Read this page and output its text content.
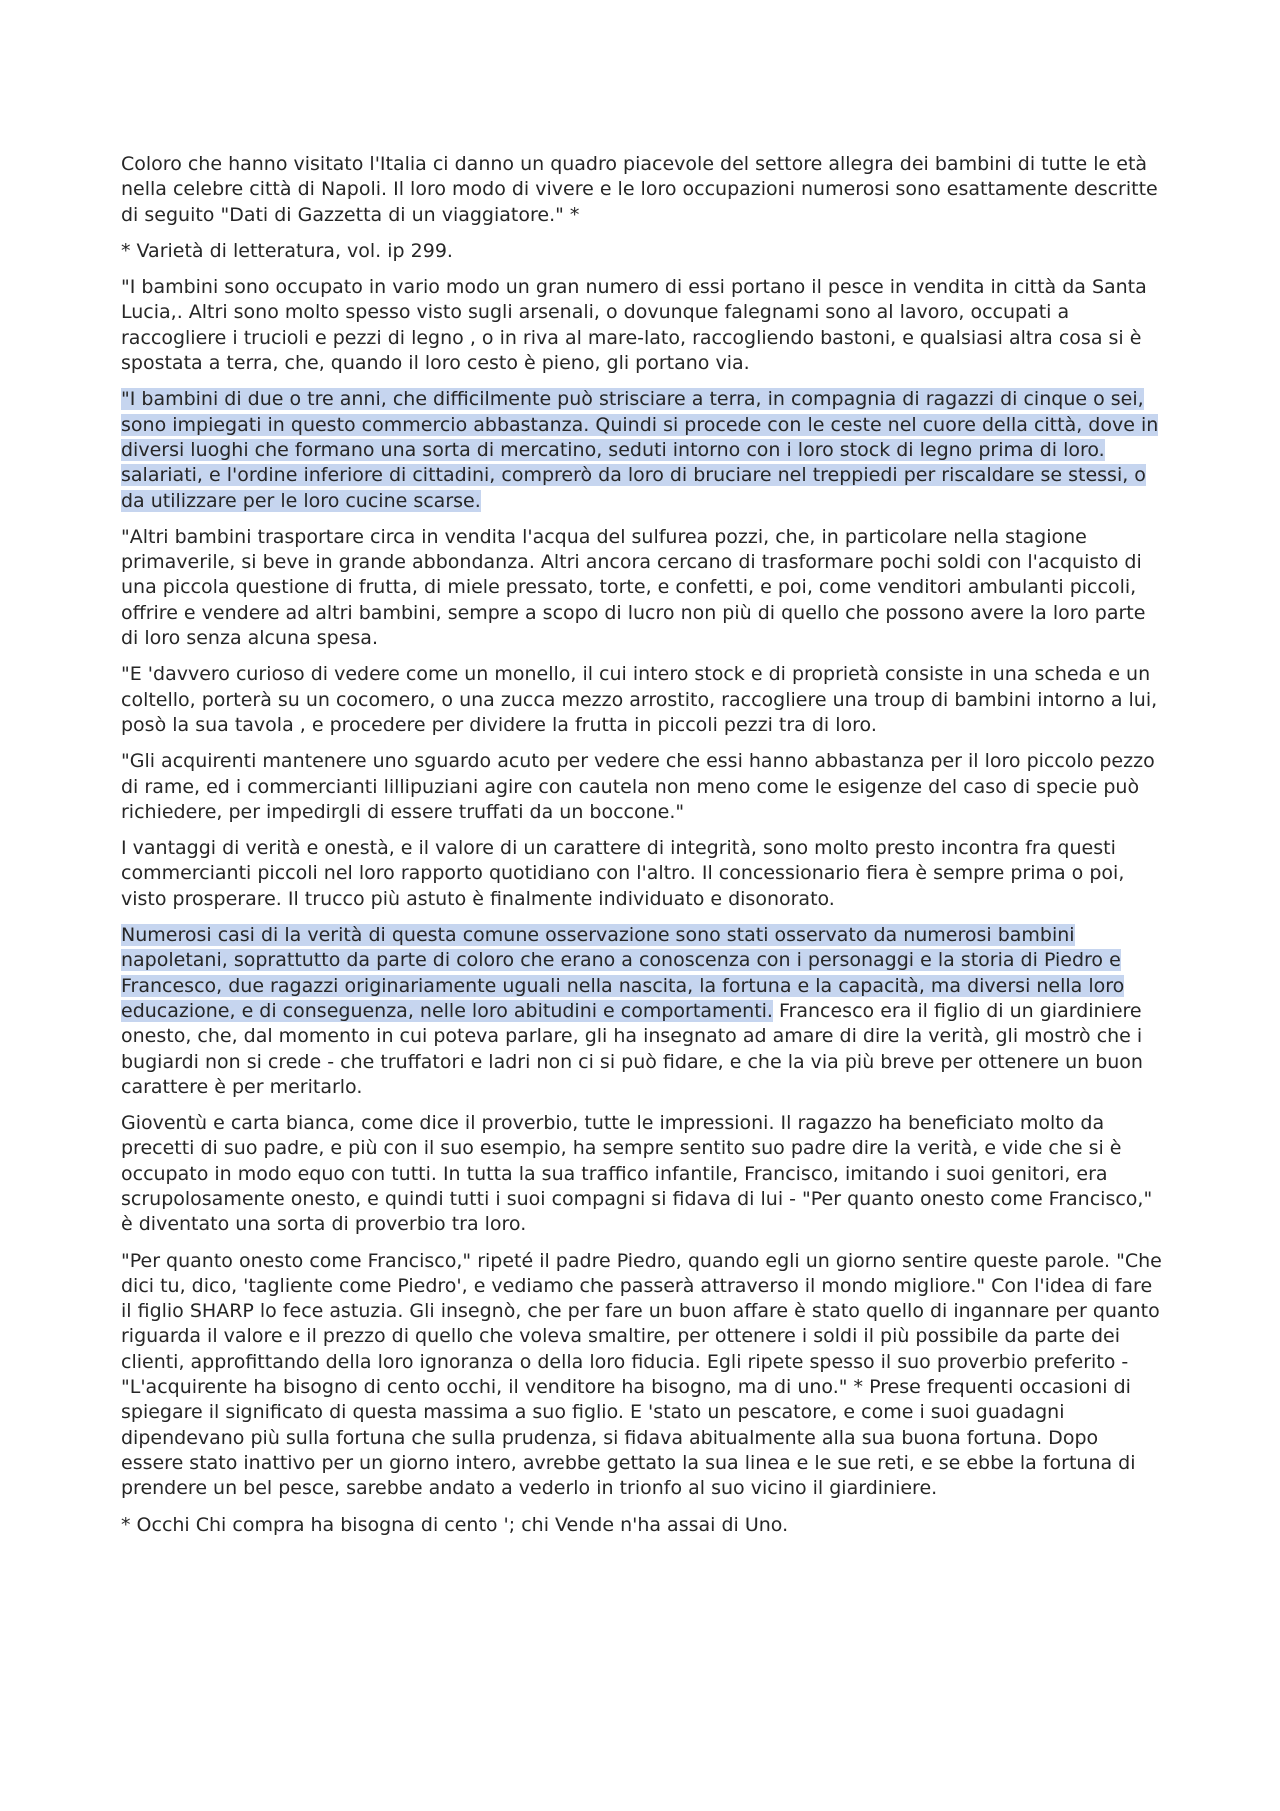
Coloro che hanno visitato l'Italia ci danno un quadro piacevole del settore allegra dei bambini di tutte le età nella celebre città di Napoli. Il loro modo di vivere e le loro occupazioni numerosi sono esattamente descritte di seguito "Dati di Gazzetta di un viaggiatore." *

* Varietà di letteratura, vol. ip 299.

"I bambini sono occupato in vario modo un gran numero di essi portano il pesce in vendita in città da Santa Lucia,. Altri sono molto spesso visto sugli arsenali, o dovunque falegnami sono al lavoro, occupati a raccogliere i trucioli e pezzi di legno , o in riva al mare-lato, raccogliendo bastoni, e qualsiasi altra cosa si è spostata a terra, che, quando il loro cesto è pieno, gli portano via.

"I bambini di due o tre anni, che difficilmente può strisciare a terra, in compagnia di ragazzi di cinque o sei, sono impiegati in questo commercio abbastanza. Quindi si procede con le ceste nel cuore della città, dove in diversi luoghi che formano una sorta di mercatino, seduti intorno con i loro stock di legno prima di loro. salariati, e l'ordine inferiore di cittadini, comprerò da loro di bruciare nel treppiedi per riscaldare se stessi, o da utilizzare per le loro cucine scarse.

"Altri bambini trasportare circa in vendita l'acqua del sulfurea pozzi, che, in particolare nella stagione primaverile, si beve in grande abbondanza. Altri ancora cercano di trasformare pochi soldi con l'acquisto di una piccola questione di frutta, di miele pressato, torte, e confetti, e poi, come venditori ambulanti piccoli, offrire e vendere ad altri bambini, sempre a scopo di lucro non più di quello che possono avere la loro parte di loro senza alcuna spesa.

"E 'davvero curioso di vedere come un monello, il cui intero stock e di proprietà consiste in una scheda e un coltello, porterà su un cocomero, o una zucca mezzo arrostito, raccogliere una troup di bambini intorno a lui, posò la sua tavola , e procedere per dividere la frutta in piccoli pezzi tra di loro.

"Gli acquirenti mantenere uno sguardo acuto per vedere che essi hanno abbastanza per il loro piccolo pezzo di rame, ed i commercianti lillipuziani agire con cautela non meno come le esigenze del caso di specie può richiedere, per impedirgli di essere truffati da un boccone."

I vantaggi di verità e onestà, e il valore di un carattere di integrità, sono molto presto incontra fra questi commercianti piccoli nel loro rapporto quotidiano con l'altro. Il concessionario fiera è sempre prima o poi, visto prosperare. Il trucco più astuto è finalmente individuato e disonorato.

Numerosi casi di la verità di questa comune osservazione sono stati osservato da numerosi bambini napoletani, soprattutto da parte di coloro che erano a conoscenza con i personaggi e la storia di Piedro e Francesco, due ragazzi originariamente uguali nella nascita, la fortuna e la capacità, ma diversi nella loro educazione, e di conseguenza, nelle loro abitudini e comportamenti. Francesco era il figlio di un giardiniere onesto, che, dal momento in cui poteva parlare, gli ha insegnato ad amare di dire la verità, gli mostrò che i bugiardi non si crede - che truffatori e ladri non ci si può fidare, e che la via più breve per ottenere un buon carattere è per meritarlo.

Gioventù e carta bianca, come dice il proverbio, tutte le impressioni. Il ragazzo ha beneficiato molto da precetti di suo padre, e più con il suo esempio, ha sempre sentito suo padre dire la verità, e vide che si è occupato in modo equo con tutti. In tutta la sua traffico infantile, Francisco, imitando i suoi genitori, era scrupolosamente onesto, e quindi tutti i suoi compagni si fidava di lui - "Per quanto onesto come Francisco," è diventato una sorta di proverbio tra loro.

"Per quanto onesto come Francisco," ripeté il padre Piedro, quando egli un giorno sentire queste parole. "Che dici tu, dico, 'tagliente come Piedro', e vediamo che passerà attraverso il mondo migliore." Con l'idea di fare il figlio SHARP lo fece astuzia. Gli insegnò, che per fare un buon affare è stato quello di ingannare per quanto riguarda il valore e il prezzo di quello che voleva smaltire, per ottenere i soldi il più possibile da parte dei clienti, approfittando della loro ignoranza o della loro fiducia. Egli ripete spesso il suo proverbio preferito - "L'acquirente ha bisogno di cento occhi, il venditore ha bisogno, ma di uno." * Prese frequenti occasioni di spiegare il significato di questa massima a suo figlio. E 'stato un pescatore, e come i suoi guadagni dipendevano più sulla fortuna che sulla prudenza, si fidava abitualmente alla sua buona fortuna. Dopo essere stato inattivo per un giorno intero, avrebbe gettato la sua linea e le sue reti, e se ebbe la fortuna di prendere un bel pesce, sarebbe andato a vederlo in trionfo al suo vicino il giardiniere.

* Occhi Chi compra ha bisogna di cento '; chi Vende n'ha assai di Uno.
